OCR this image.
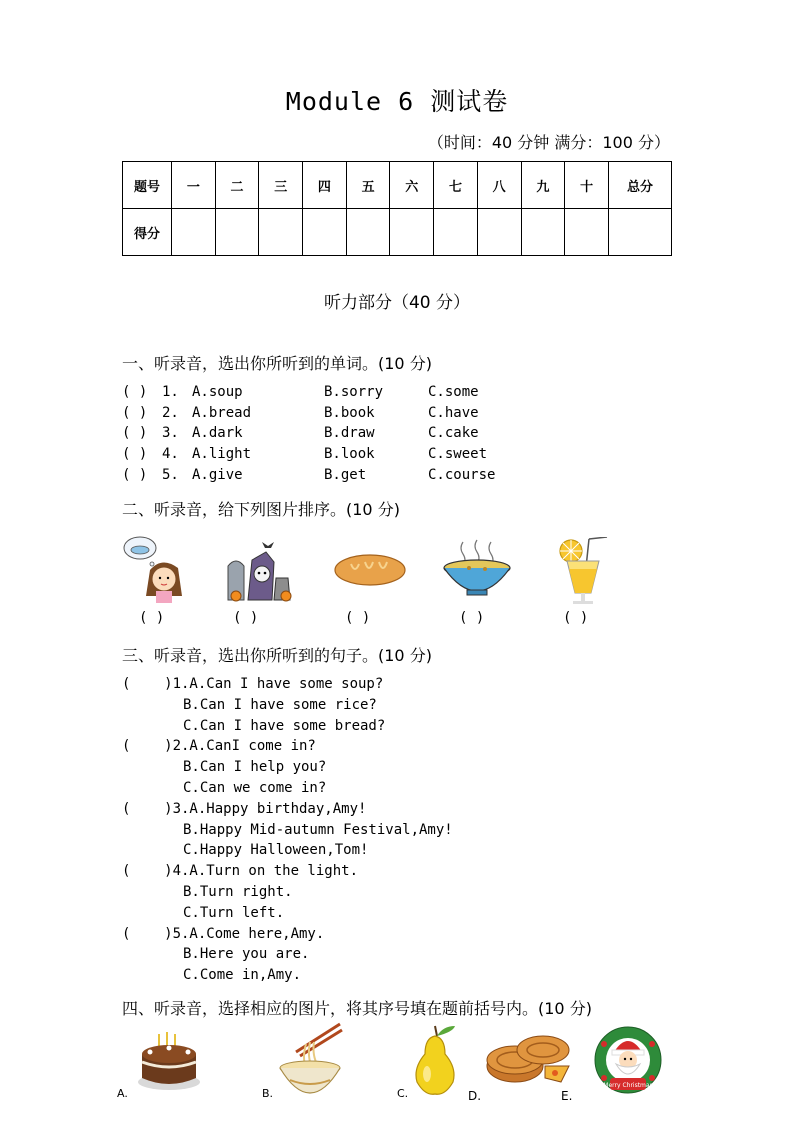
Module 6 测试卷
（时间：40 分钟 满分：100 分）
题号	一	二	三	四	五	六	七	八	九	十	总分
得分											
听力部分（40 分）
一、听录音，选出你所听到的单词。(10 分)
( ) 1. A.soup	B.sorry	C.some
( ) 2. A.bread	B.book	C.have
( ) 3. A.dark	B.draw	C.cake
( ) 4. A.light	B.look	C.sweet
( ) 5. A.give	B.get	C.course
二、听录音，给下列图片排序。(10 分)
( )	( )	( )	( )	( )
三、听录音，选出你所听到的句子。(10 分)
(    )1.A.Can I have some soup?
B.Can I have some rice?
C.Can I have some bread?
(    )2.A.CanI come in?
B.Can I help you?
C.Can we come in?
(    )3.A.Happy birthday,Amy!
B.Happy Mid-autumn Festival,Amy!
C.Happy Halloween,Tom!
(    )4.A.Turn on the light.
B.Turn right.
C.Turn left.
(    )5.A.Come here,Amy.
B.Here you are.
C.Come in,Amy.
四、听录音，选择相应的图片，将其序号填在题前括号内。(10 分)
Merry Christmas
A.	B.	C.	D.	E.
